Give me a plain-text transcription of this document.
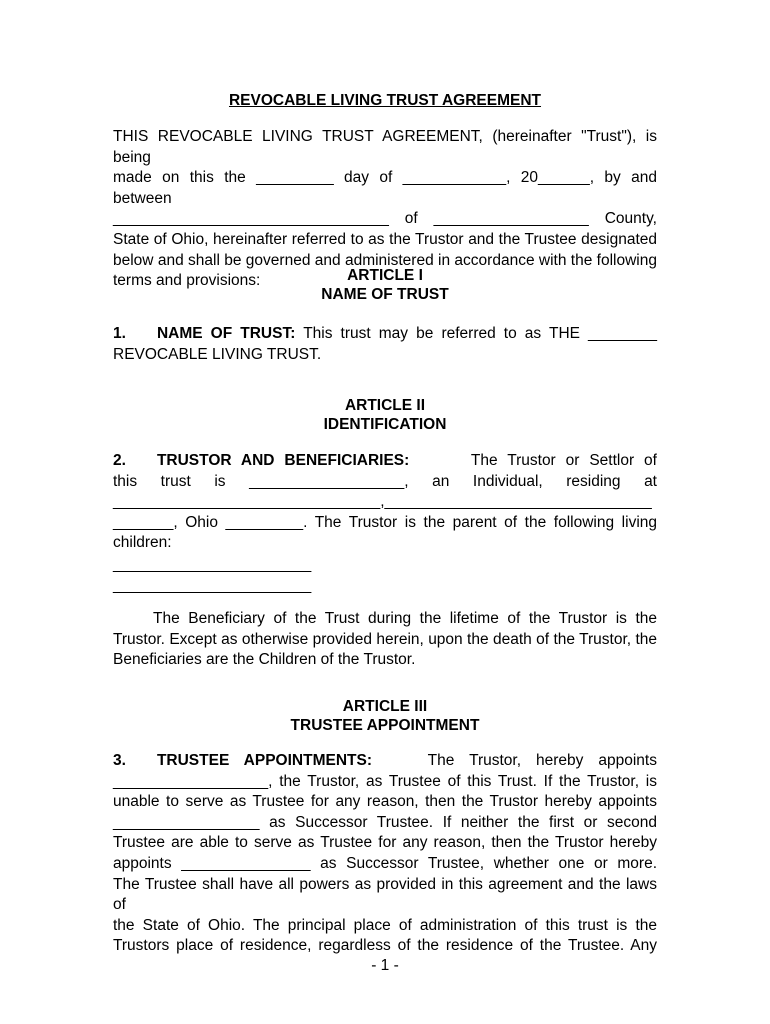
REVOCABLE LIVING TRUST AGREEMENT
THIS REVOCABLE LIVING TRUST AGREEMENT, (hereinafter "Trust"), is being
made on this the _________ day of ____________, 20______, by and between
________________________________ of __________________ County,
State of Ohio, hereinafter referred to as the Trustor and the Trustee designated
below and shall be governed and administered in accordance with the following
terms and provisions:	ARTICLE I
NAME OF TRUST
1. NAME OF TRUST: This trust may be referred to as THE ________
REVOCABLE LIVING TRUST.
ARTICLE II
IDENTIFICATION
2. TRUSTOR AND BENEFICIARIES:	The Trustor or Settlor of
this trust is __________________, an Individual, residing at
_______________________________,_______________________________
_______, Ohio _________. The Trustor is the parent of the following living
children:
_______________________
_______________________
The Beneficiary of the Trust during the lifetime of the Trustor is the
Trustor. Except as otherwise provided herein, upon the death of the Trustor, the
Beneficiaries are the Children of the Trustor.
ARTICLE III
TRUSTEE APPOINTMENT
3. TRUSTEE APPOINTMENTS:	The Trustor, hereby appoints
__________________, the Trustor, as Trustee of this Trust. If the Trustor, is
unable to serve as Trustee for any reason, then the Trustor hereby appoints
_________________ as Successor Trustee. If neither the first or second
Trustee are able to serve as Trustee for any reason, then the Trustor hereby
appoints _______________ as Successor Trustee, whether one or more.
The Trustee shall have all powers as provided in this agreement and the laws of
the State of Ohio. The principal place of administration of this trust is the
Trustors place of residence, regardless of the residence of the Trustee. Any
- 1 -
